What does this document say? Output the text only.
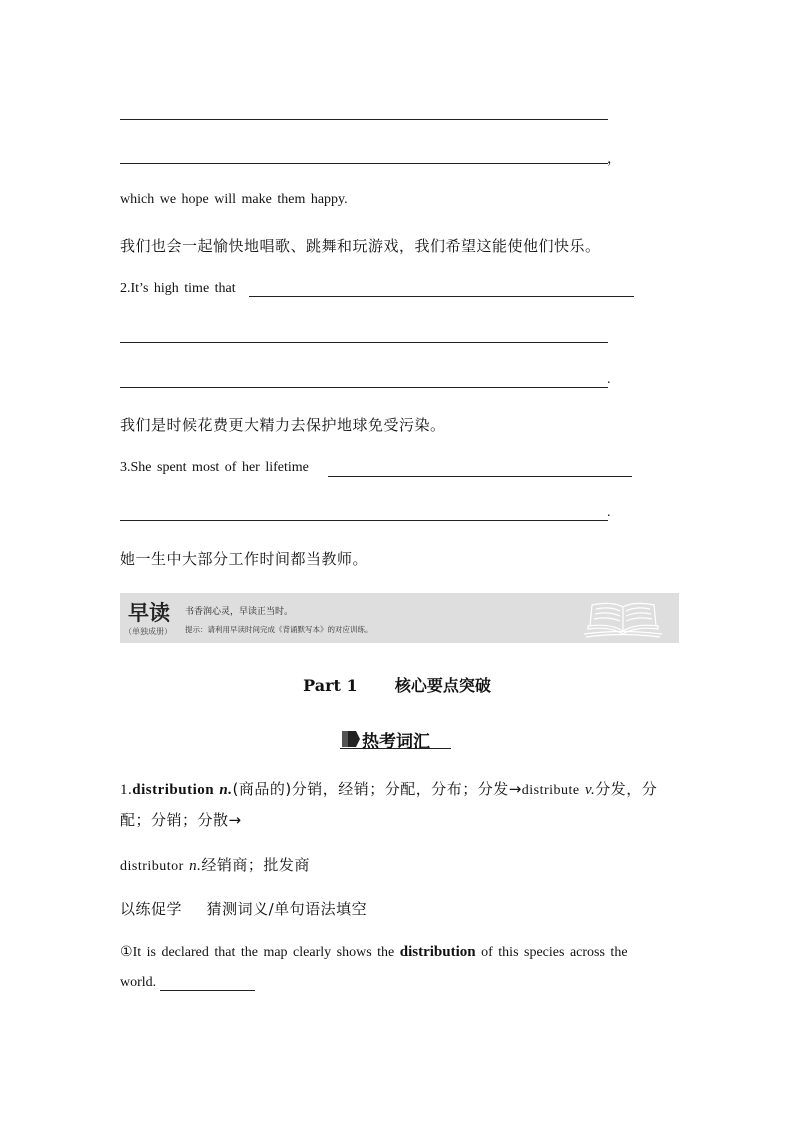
，
which we hope will make them happy.
我们也会一起愉快地唱歌、跳舞和玩游戏，我们希望这能使他们快乐。
2.It’s high time that
.
我们是时候花费更大精力去保护地球免受污染。
3.She spent most of her lifetime
.
她一生中大部分工作时间都当教师。
早读
（单独成册）
书香润心灵，早读正当时。
提示：请利用早读时间完成《背诵默写本》的对应训练。
Part 1 核心要点突破
热考词汇
1.distribution n.(商品的)分销，经销；分配，分布；分发→distribute v.分发，分
配；分销；分散→
distributor n.经销商；批发商
以练促学 猜测词义/单句语法填空
①It is declared that the map clearly shows the distribution of this species across the
world.
